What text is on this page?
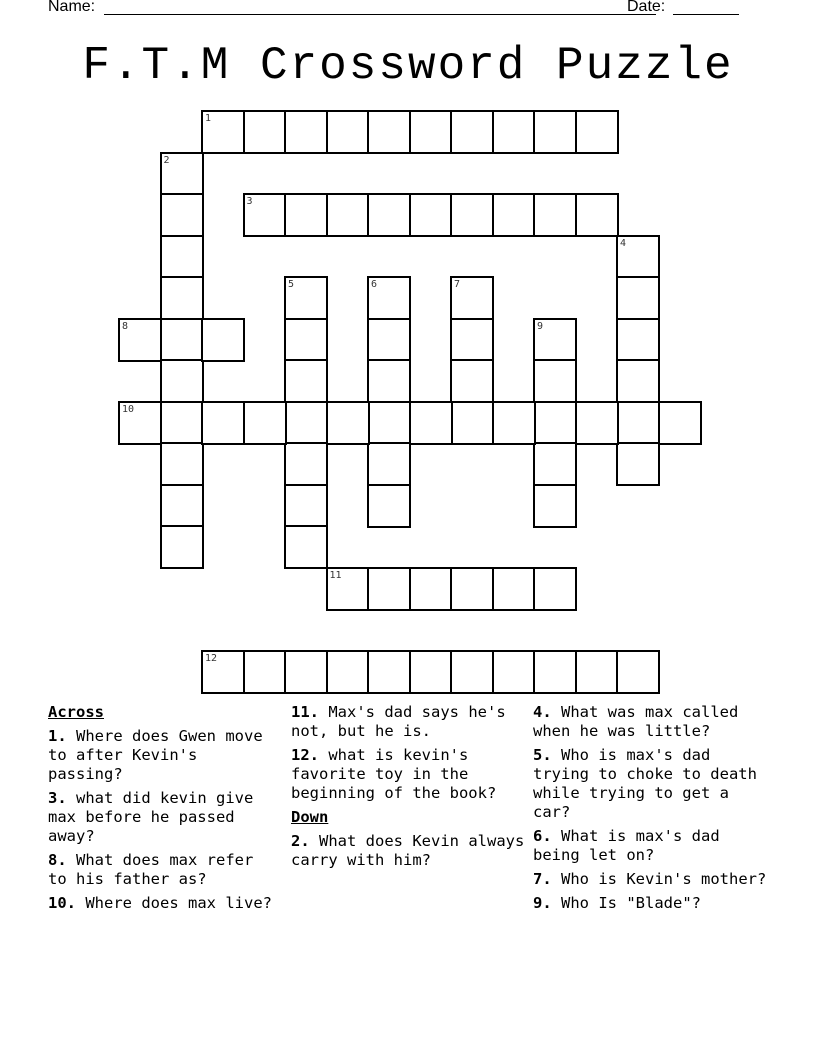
Name:	Date:
F.T.M Crossword Puzzle
1
2
3
4
5	6	7
8	9
10
11
12
Across
1. Where does Gwen move to after Kevin's passing?
3. what did kevin give max before he passed away?
8. What does max refer to his father as?
10. Where does max live?
11. Max's dad says he's not, but he is.
12. what is kevin's favorite toy in the beginning of the book?
Down
2. What does Kevin always carry with him?
4. What was max called when he was little?
5. Who is max's dad trying to choke to death while trying to get a car?
6. What is max's dad being let on?
7. Who is Kevin's mother?
9. Who Is "Blade"?
